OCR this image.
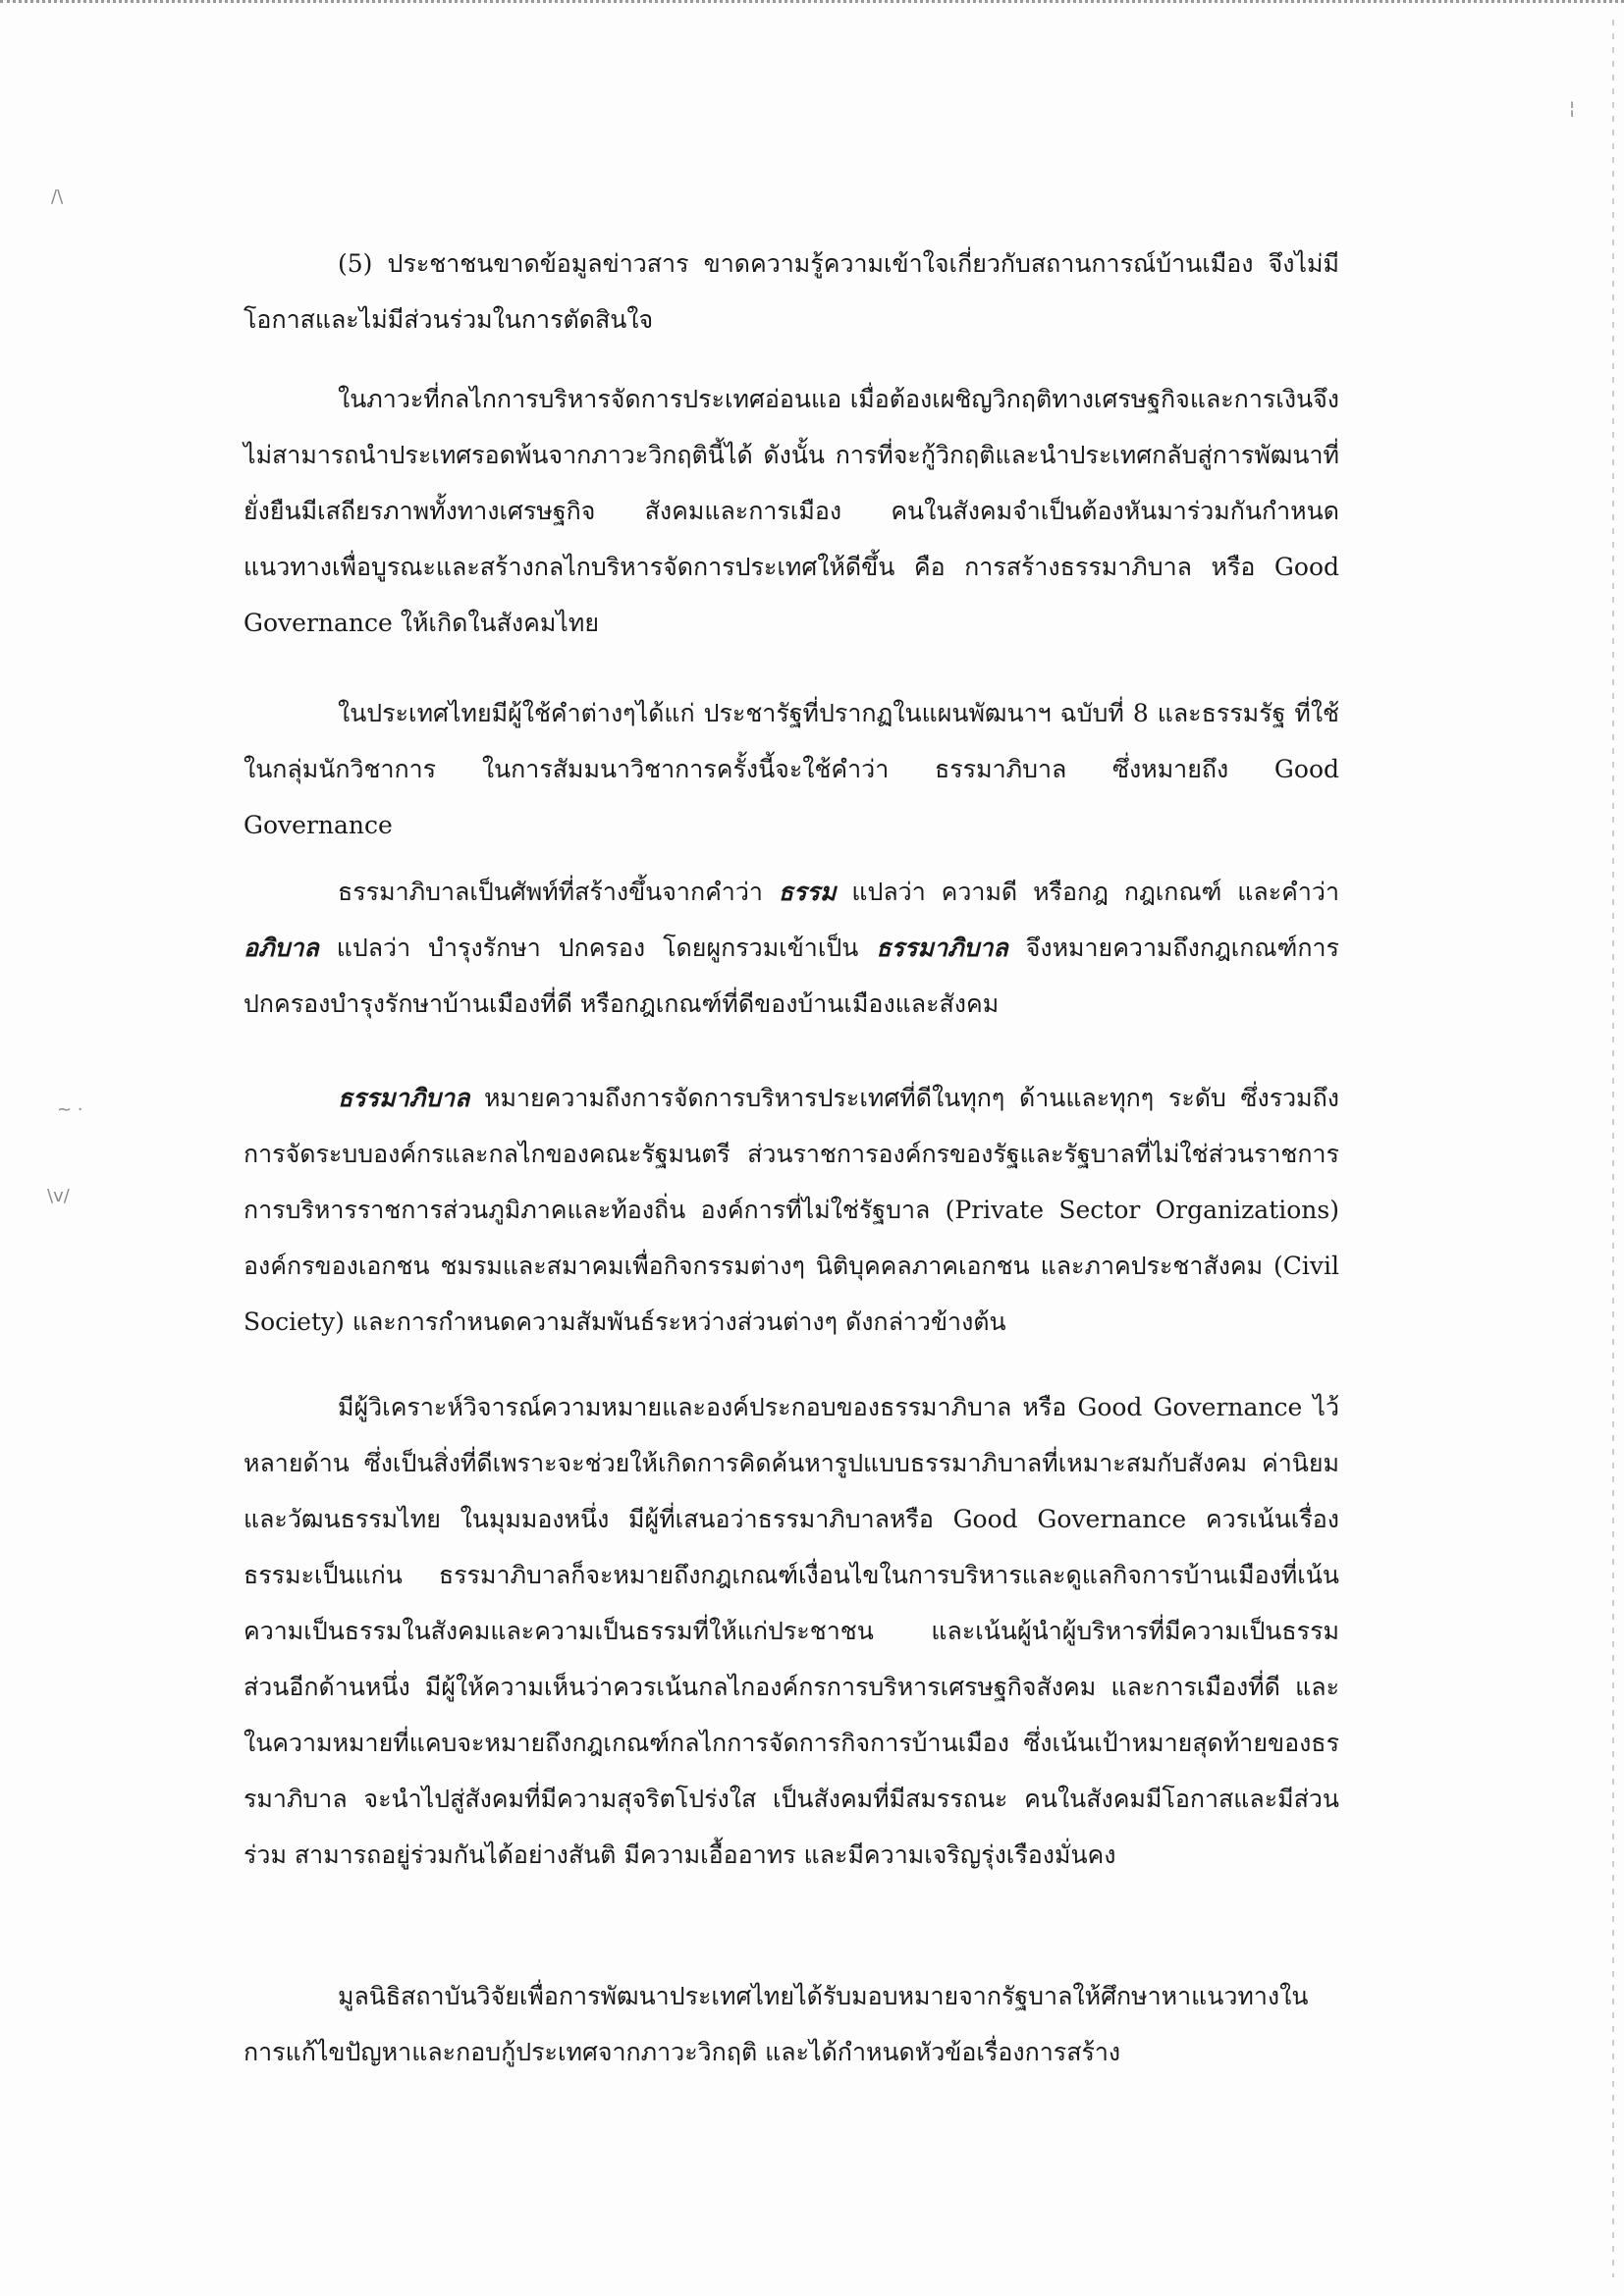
/\
~ ·
\v/
¦

(5) ประชาชนขาดข้อมูลข่าวสาร ขาดความรู้ความเข้าใจเกี่ยวกับสถานการณ์บ้านเมือง จึงไม่มีโอกาสและไม่มีส่วนร่วมในการตัดสินใจ

ในภาวะที่กลไกการบริหารจัดการประเทศอ่อนแอ เมื่อต้องเผชิญวิกฤติทางเศรษฐกิจและการเงินจึงไม่สามารถนำประเทศรอดพ้นจากภาวะวิกฤตินี้ได้ ดังนั้น การที่จะกู้วิกฤติและนำประเทศกลับสู่การพัฒนาที่ยั่งยืนมีเสถียรภาพทั้งทางเศรษฐกิจ สังคมและการเมือง คนในสังคมจำเป็นต้องหันมาร่วมกันกำหนดแนวทางเพื่อบูรณะและสร้างกลไกบริหารจัดการประเทศให้ดีขึ้น คือ การสร้างธรรมาภิบาล หรือ Good Governance ให้เกิดในสังคมไทย

ในประเทศไทยมีผู้ใช้คำต่างๆได้แก่ ประชารัฐที่ปรากฏในแผนพัฒนาฯ ฉบับที่ 8 และธรรมรัฐ ที่ใช้ในกลุ่มนักวิชาการ ในการสัมมนาวิชาการครั้งนี้จะใช้คำว่า ธรรมาภิบาล ซึ่งหมายถึง Good Governance

ธรรมาภิบาลเป็นศัพท์ที่สร้างขึ้นจากคำว่า ธรรม แปลว่า ความดี หรือกฎ กฎเกณฑ์ และคำว่า อภิบาล แปลว่า บำรุงรักษา ปกครอง โดยผูกรวมเข้าเป็น ธรรมาภิบาล จึงหมายความถึงกฎเกณฑ์การปกครองบำรุงรักษาบ้านเมืองที่ดี หรือกฎเกณฑ์ที่ดีของบ้านเมืองและสังคม

ธรรมาภิบาล หมายความถึงการจัดการบริหารประเทศที่ดีในทุกๆ ด้านและทุกๆ ระดับ ซึ่งรวมถึงการจัดระบบองค์กรและกลไกของคณะรัฐมนตรี ส่วนราชการองค์กรของรัฐและรัฐบาลที่ไม่ใช่ส่วนราชการ การบริหารราชการส่วนภูมิภาคและท้องถิ่น องค์การที่ไม่ใช่รัฐบาล (Private Sector Organizations) องค์กรของเอกชน ชมรมและสมาคมเพื่อกิจกรรมต่างๆ นิติบุคคลภาคเอกชน และภาคประชาสังคม (Civil Society) และการกำหนดความสัมพันธ์ระหว่างส่วนต่างๆ ดังกล่าวข้างต้น

มีผู้วิเคราะห์วิจารณ์ความหมายและองค์ประกอบของธรรมาภิบาล หรือ Good Governance ไว้หลายด้าน ซึ่งเป็นสิ่งที่ดีเพราะจะช่วยให้เกิดการคิดค้นหารูปแบบธรรมาภิบาลที่เหมาะสมกับสังคม ค่านิยม และวัฒนธรรมไทย ในมุมมองหนึ่ง มีผู้ที่เสนอว่าธรรมาภิบาลหรือ Good Governance ควรเน้นเรื่องธรรมะเป็นแก่น ธรรมาภิบาลก็จะหมายถึงกฎเกณฑ์เงื่อนไขในการบริหารและดูแลกิจการบ้านเมืองที่เน้นความเป็นธรรมในสังคมและความเป็นธรรมที่ให้แก่ประชาชน และเน้นผู้นำผู้บริหารที่มีความเป็นธรรม ส่วนอีกด้านหนึ่ง มีผู้ให้ความเห็นว่าควรเน้นกลไกองค์กรการบริหารเศรษฐกิจสังคม และการเมืองที่ดี และในความหมายที่แคบจะหมายถึงกฎเกณฑ์กลไกการจัดการกิจการบ้านเมือง ซึ่งเน้นเป้าหมายสุดท้ายของธรรมาภิบาล จะนำไปสู่สังคมที่มีความสุจริตโปร่งใส เป็นสังคมที่มีสมรรถนะ คนในสังคมมีโอกาสและมีส่วนร่วม สามารถอยู่ร่วมกันได้อย่างสันติ มีความเอื้ออาทร และมีความเจริญรุ่งเรืองมั่นคง

มูลนิธิสถาบันวิจัยเพื่อการพัฒนาประเทศไทยได้รับมอบหมายจากรัฐบาลให้ศึกษาหาแนวทางในการแก้ไขปัญหาและกอบกู้ประเทศจากภาวะวิกฤติ และได้กำหนดหัวข้อเรื่องการสร้าง
